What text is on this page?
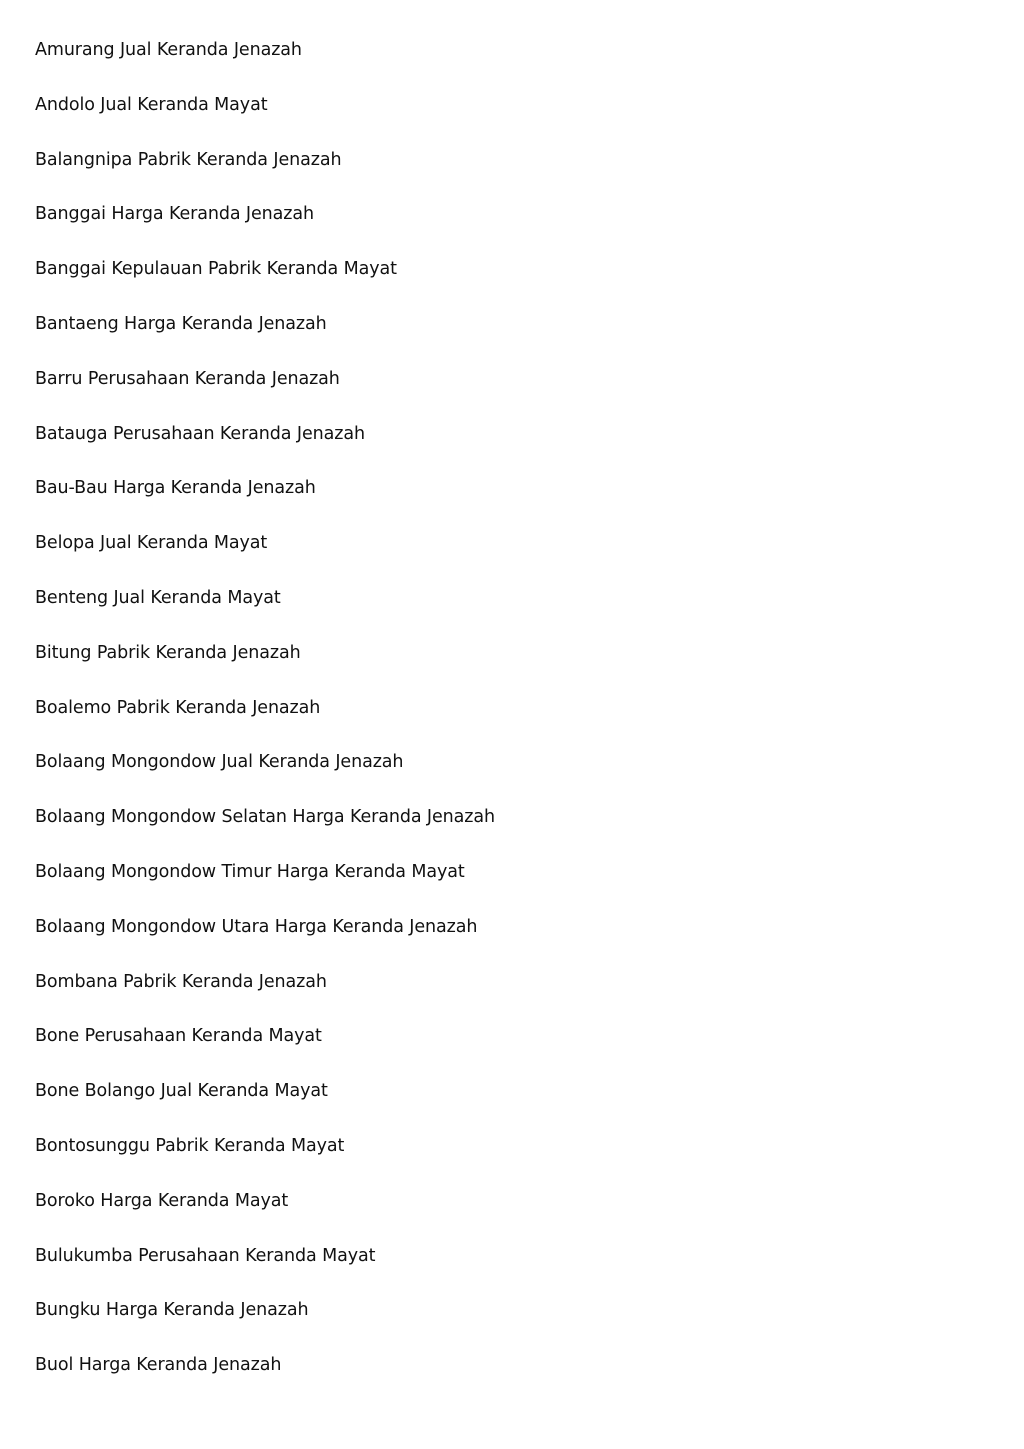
Amurang Jual Keranda Jenazah
Andolo Jual Keranda Mayat
Balangnipa Pabrik Keranda Jenazah
Banggai Harga Keranda Jenazah
Banggai Kepulauan Pabrik Keranda Mayat
Bantaeng Harga Keranda Jenazah
Barru Perusahaan Keranda Jenazah
Batauga Perusahaan Keranda Jenazah
Bau-Bau Harga Keranda Jenazah
Belopa Jual Keranda Mayat
Benteng Jual Keranda Mayat
Bitung Pabrik Keranda Jenazah
Boalemo Pabrik Keranda Jenazah
Bolaang Mongondow Jual Keranda Jenazah
Bolaang Mongondow Selatan Harga Keranda Jenazah
Bolaang Mongondow Timur Harga Keranda Mayat
Bolaang Mongondow Utara Harga Keranda Jenazah
Bombana Pabrik Keranda Jenazah
Bone Perusahaan Keranda Mayat
Bone Bolango Jual Keranda Mayat
Bontosunggu Pabrik Keranda Mayat
Boroko Harga Keranda Mayat
Bulukumba Perusahaan Keranda Mayat
Bungku Harga Keranda Jenazah
Buol Harga Keranda Jenazah
